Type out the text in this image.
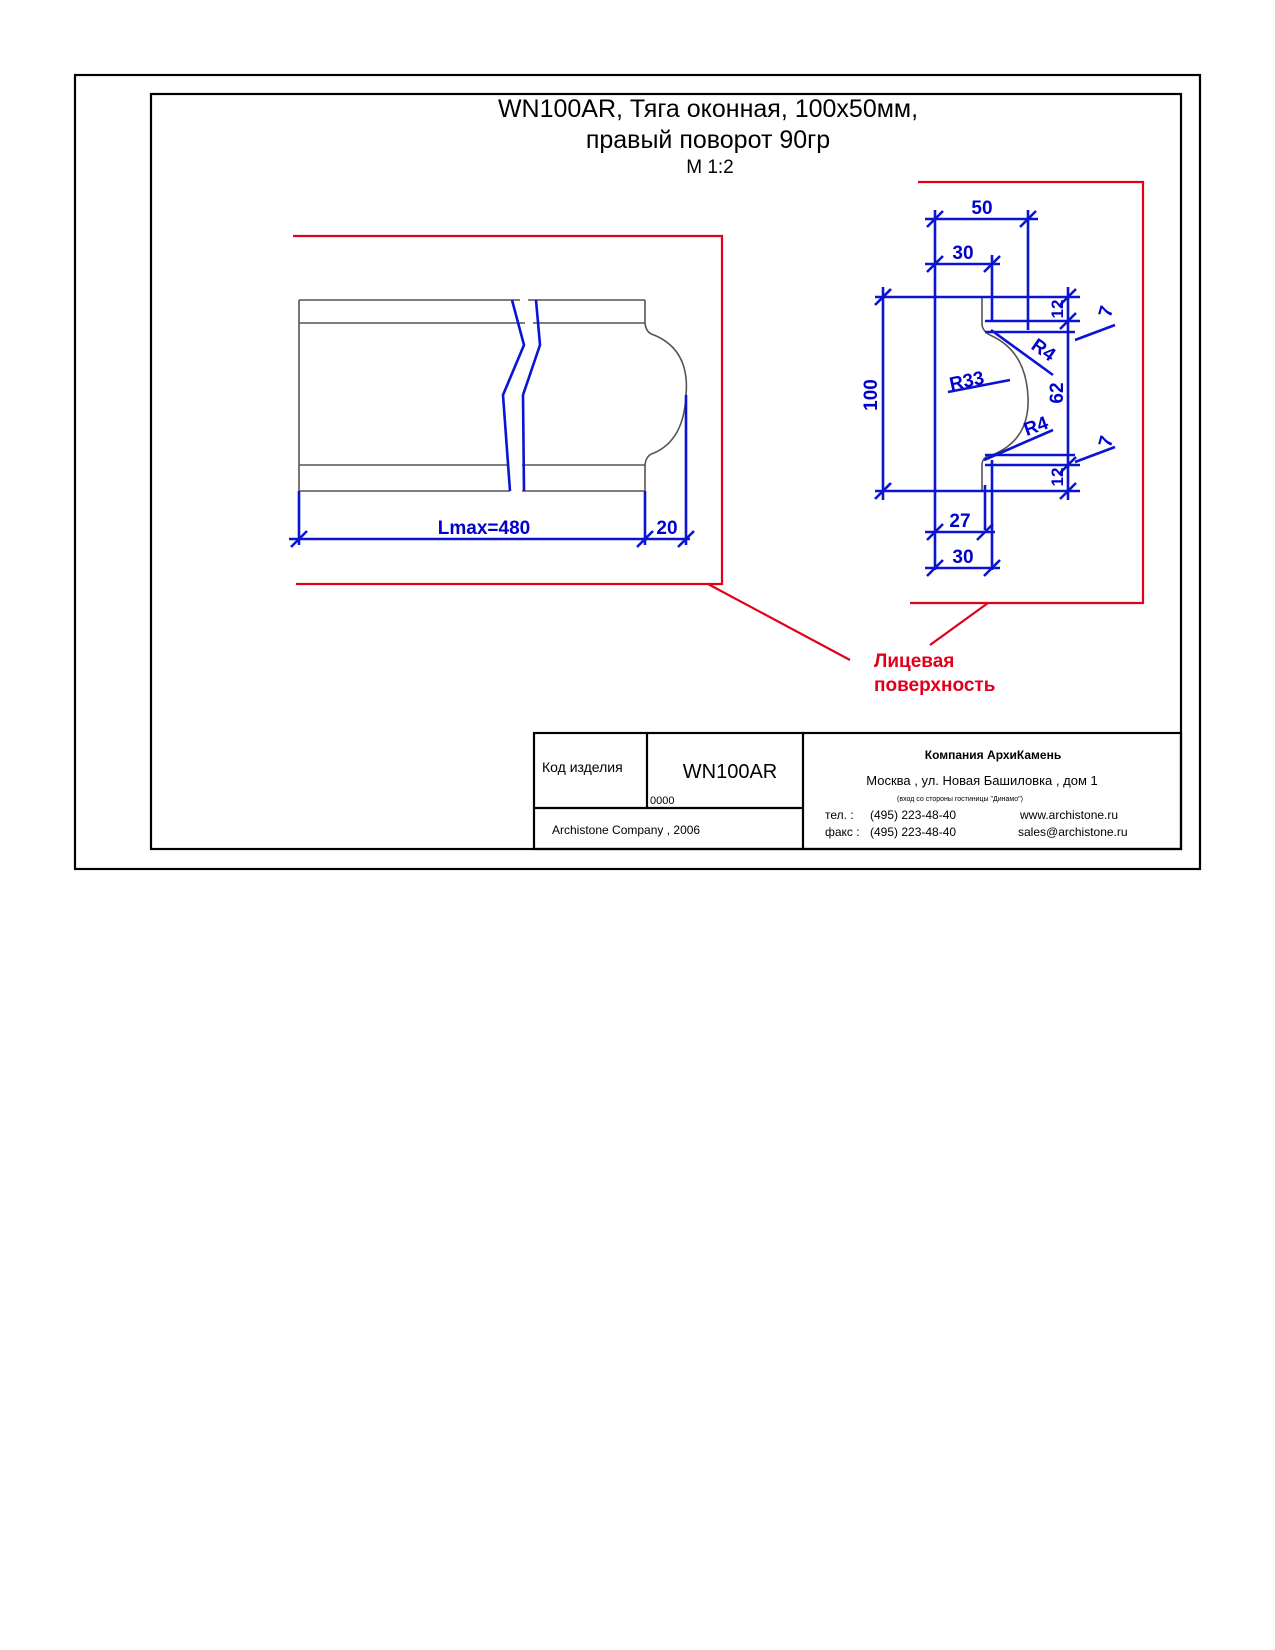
WN100AR, Тяга оконная, 100х50мм,
правый поворот 90гр
М 1:2
Lmax=480	20
50
30
27
30
100
12 7
62
7
12
R4
R33
R4
Лицевая
поверхность
Код изделия	WN100AR
0000
Archistone Company , 2006
Компания АрхиКамень
Москва , ул. Новая Башиловка , дом 1
(вход со стороны гостиницы "Динамо")
тел. : (495) 223-48-40
факс : (495) 223-48-40
www.archistone.ru
sales@archistone.ru
